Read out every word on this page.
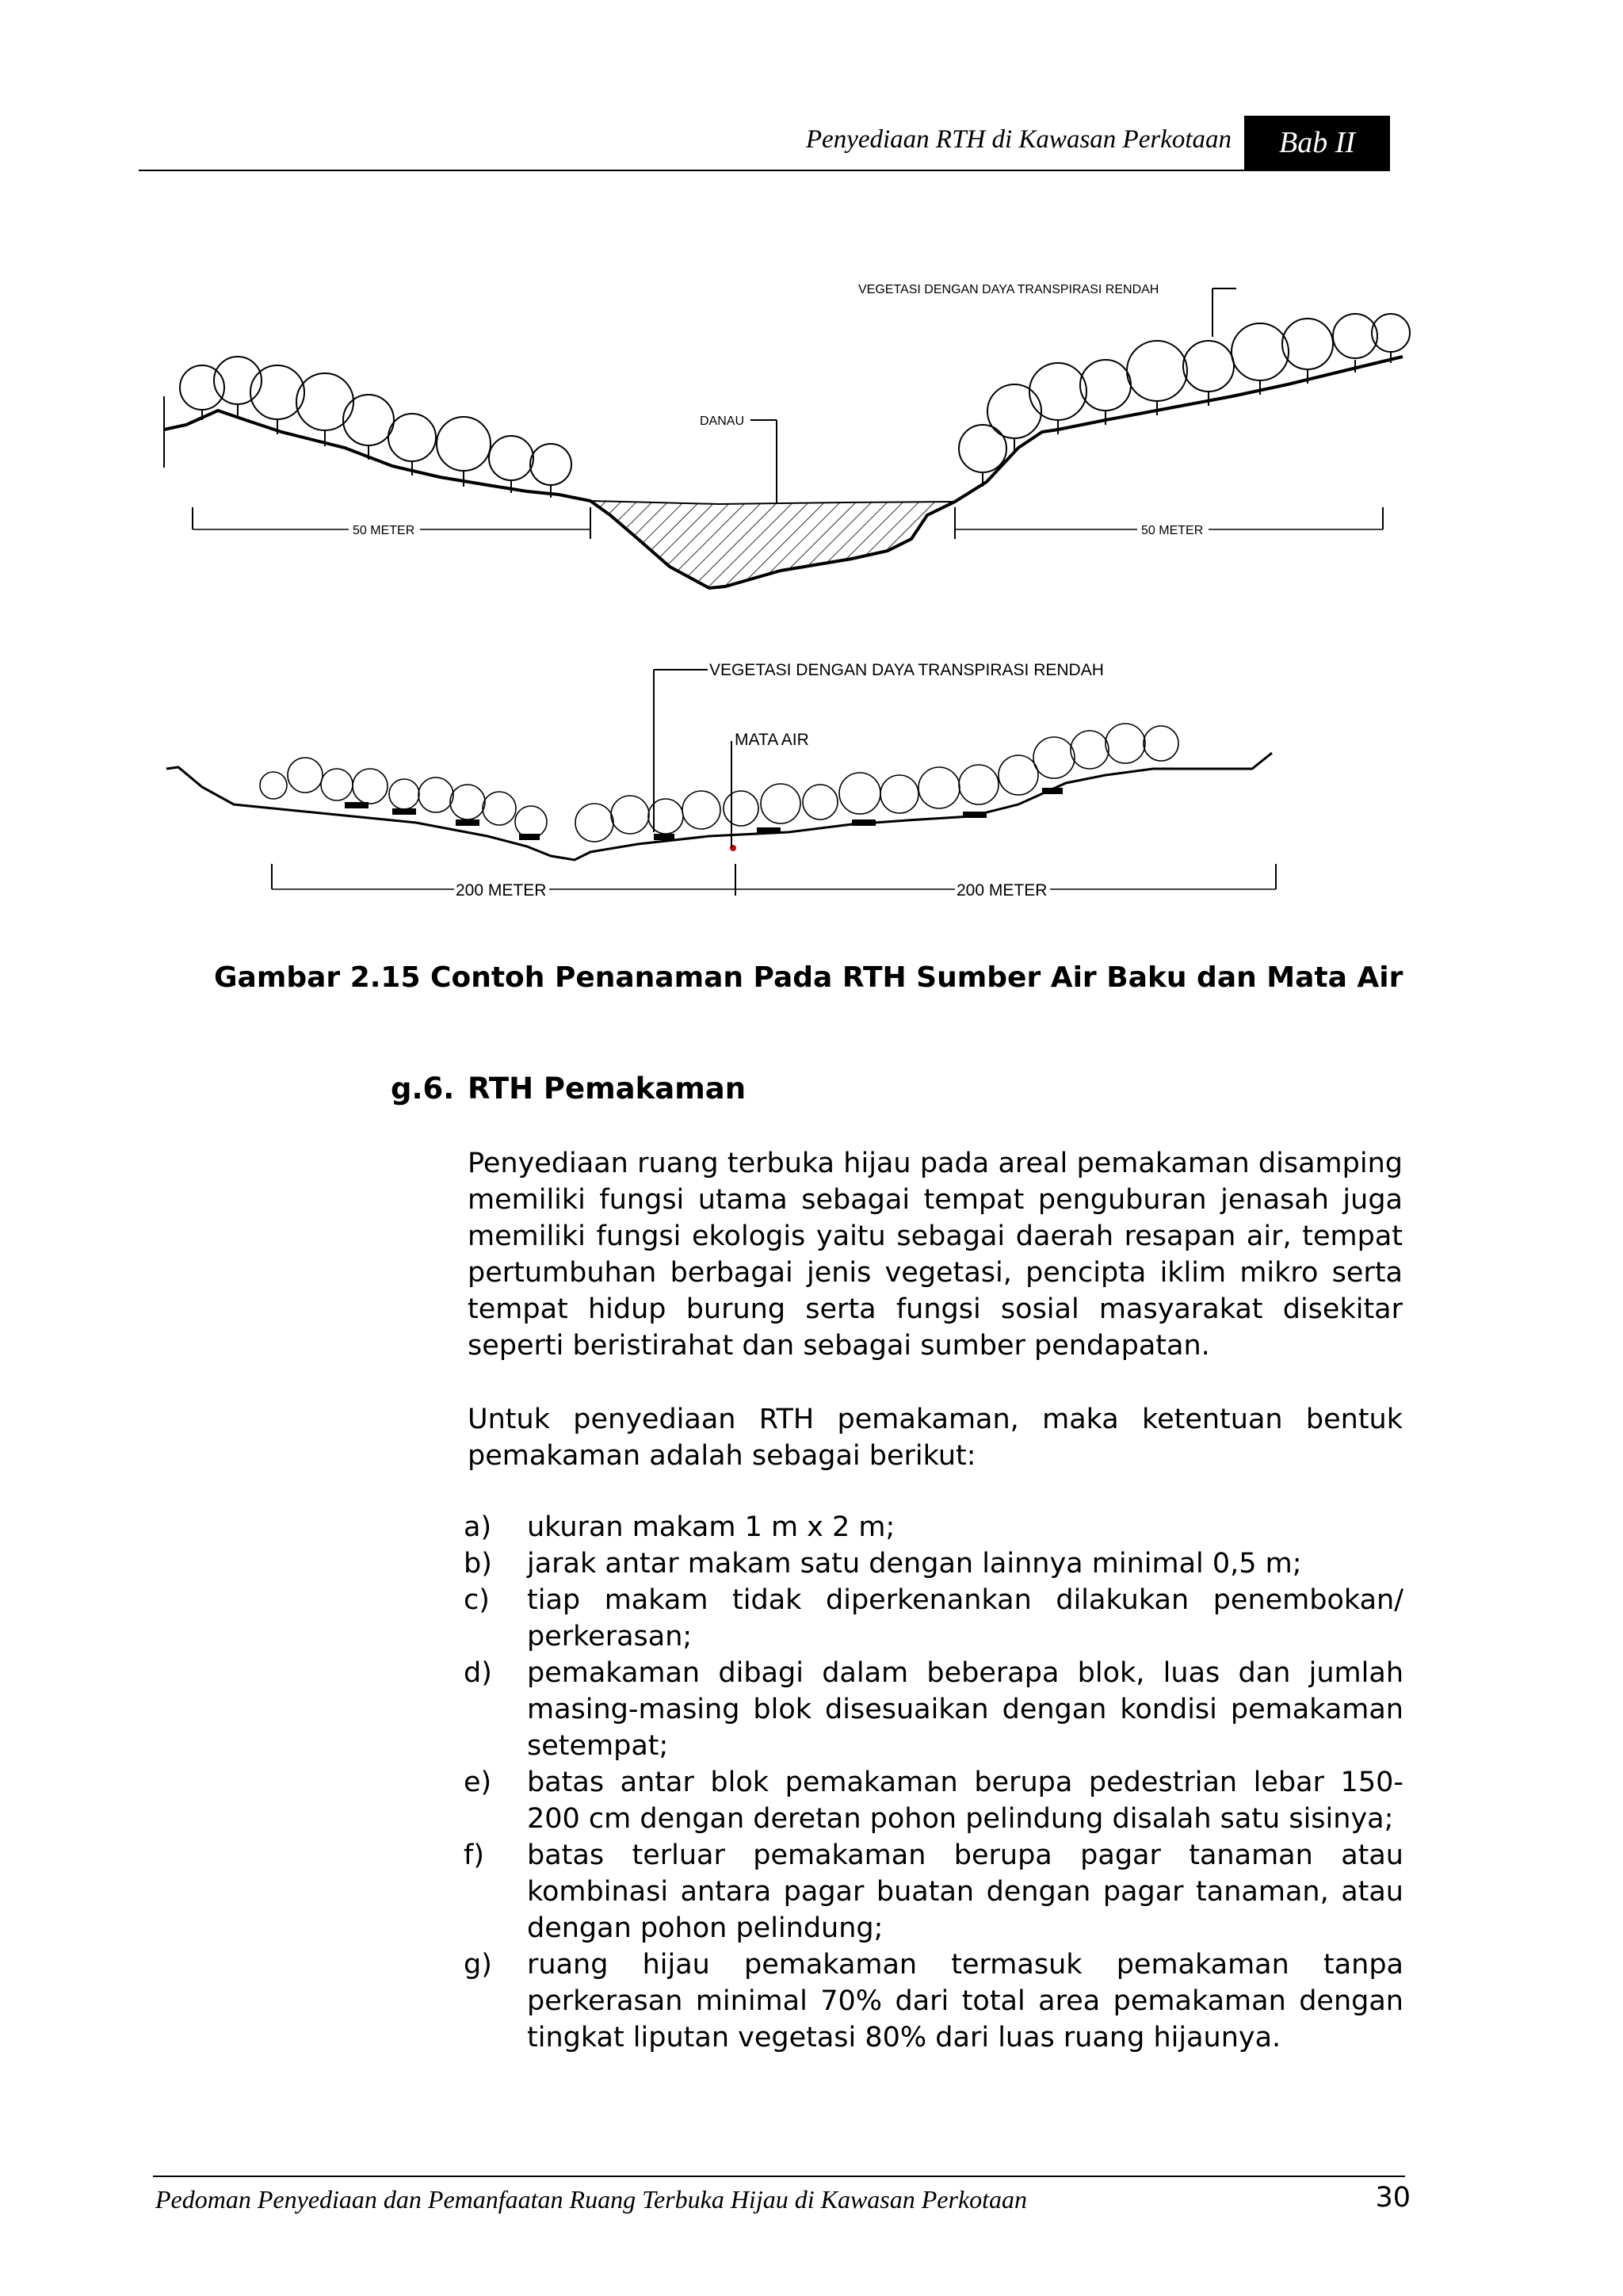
Penyediaan RTH di Kawasan Perkotaan	Bab II
VEGETASI DENGAN DAYA TRANSPIRASI RENDAH
DANAU
50 METER	50 METER
VEGETASI DENGAN DAYA TRANSPIRASI RENDAH
MATA AIR
200 METER	200 METER
Gambar 2.15 Contoh Penanaman Pada RTH Sumber Air Baku dan Mata Air
g.6. RTH Pemakaman
Penyediaan ruang terbuka hijau pada areal pemakaman disamping memiliki fungsi utama sebagai tempat penguburan jenasah juga memiliki fungsi ekologis yaitu sebagai daerah resapan air, tempat pertumbuhan berbagai jenis vegetasi, pencipta iklim mikro serta tempat hidup burung serta fungsi sosial masyarakat disekitar seperti beristirahat dan sebagai sumber pendapatan.
Untuk penyediaan RTH pemakaman, maka ketentuan bentuk pemakaman adalah sebagai berikut:
a)	ukuran makam 1 m x 2 m;
b)	jarak antar makam satu dengan lainnya minimal 0,5 m;
c)	tiap makam tidak diperkenankan dilakukan penembokan/ perkerasan;
d)	pemakaman dibagi dalam beberapa blok, luas dan jumlah masing-masing blok disesuaikan dengan kondisi pemakaman setempat;
e)	batas antar blok pemakaman berupa pedestrian lebar 150-200 cm dengan deretan pohon pelindung disalah satu sisinya;
f)	batas terluar pemakaman berupa pagar tanaman atau kombinasi antara pagar buatan dengan pagar tanaman, atau dengan pohon pelindung;
g)	ruang hijau pemakaman termasuk pemakaman tanpa perkerasan minimal 70% dari total area pemakaman dengan tingkat liputan vegetasi 80% dari luas ruang hijaunya.
Pedoman Penyediaan dan Pemanfaatan Ruang Terbuka Hijau di Kawasan Perkotaan	30
